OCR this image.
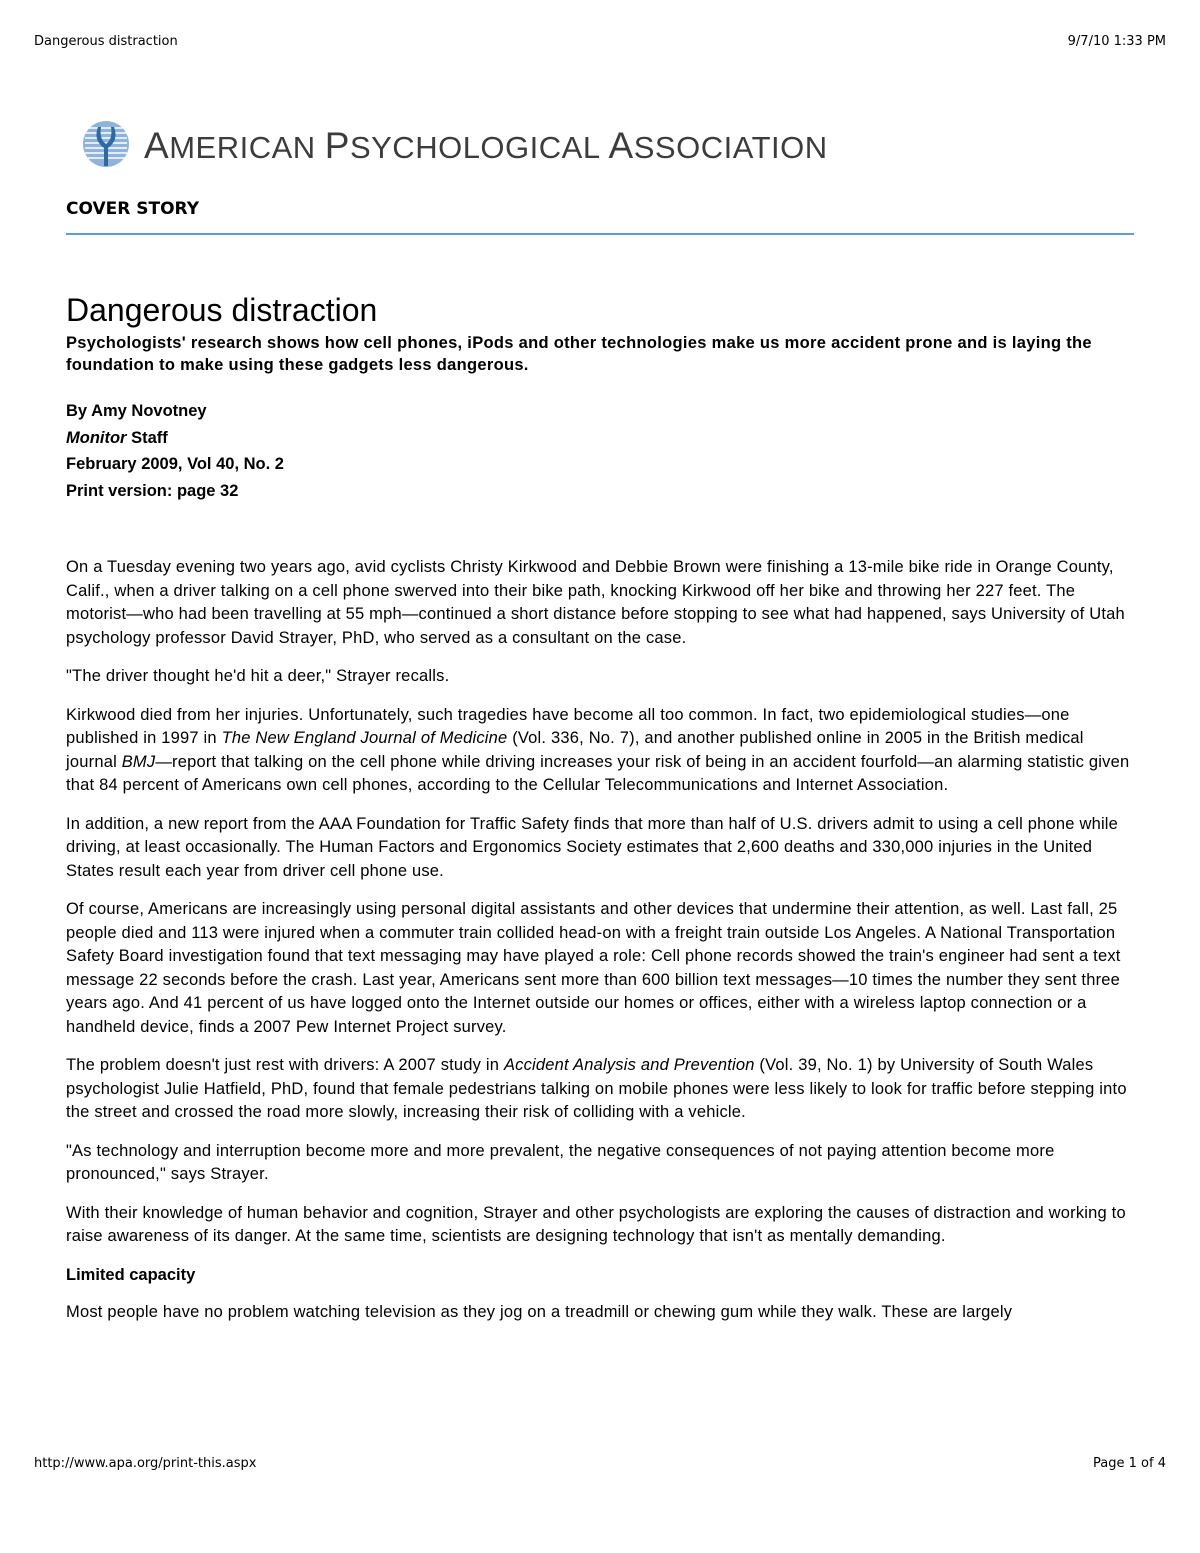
Dangerous distraction	9/7/10 1:33 PM
AMERICAN PSYCHOLOGICAL ASSOCIATION
COVER STORY
Dangerous distraction

Psychologists' research shows how cell phones, iPods and other technologies make us more accident prone and is laying the foundation to make using these gadgets less dangerous.

By Amy Novotney
Monitor Staff
February 2009, Vol 40, No. 2
Print version: page 32

On a Tuesday evening two years ago, avid cyclists Christy Kirkwood and Debbie Brown were finishing a 13-mile bike ride in Orange County, Calif., when a driver talking on a cell phone swerved into their bike path, knocking Kirkwood off her bike and throwing her 227 feet. The motorist—who had been travelling at 55 mph—continued a short distance before stopping to see what had happened, says University of Utah psychology professor David Strayer, PhD, who served as a consultant on the case.

"The driver thought he'd hit a deer," Strayer recalls.

Kirkwood died from her injuries. Unfortunately, such tragedies have become all too common. In fact, two epidemiological studies—one published in 1997 in The New England Journal of Medicine (Vol. 336, No. 7), and another published online in 2005 in the British medical journal BMJ—report that talking on the cell phone while driving increases your risk of being in an accident fourfold—an alarming statistic given that 84 percent of Americans own cell phones, according to the Cellular Telecommunications and Internet Association.

In addition, a new report from the AAA Foundation for Traffic Safety finds that more than half of U.S. drivers admit to using a cell phone while driving, at least occasionally. The Human Factors and Ergonomics Society estimates that 2,600 deaths and 330,000 injuries in the United States result each year from driver cell phone use.

Of course, Americans are increasingly using personal digital assistants and other devices that undermine their attention, as well. Last fall, 25 people died and 113 were injured when a commuter train collided head-on with a freight train outside Los Angeles. A National Transportation Safety Board investigation found that text messaging may have played a role: Cell phone records showed the train's engineer had sent a text message 22 seconds before the crash. Last year, Americans sent more than 600 billion text messages—10 times the number they sent three years ago. And 41 percent of us have logged onto the Internet outside our homes or offices, either with a wireless laptop connection or a handheld device, finds a 2007 Pew Internet Project survey.

The problem doesn't just rest with drivers: A 2007 study in Accident Analysis and Prevention (Vol. 39, No. 1) by University of South Wales psychologist Julie Hatfield, PhD, found that female pedestrians talking on mobile phones were less likely to look for traffic before stepping into the street and crossed the road more slowly, increasing their risk of colliding with a vehicle.

"As technology and interruption become more and more prevalent, the negative consequences of not paying attention become more pronounced," says Strayer.

With their knowledge of human behavior and cognition, Strayer and other psychologists are exploring the causes of distraction and working to raise awareness of its danger. At the same time, scientists are designing technology that isn't as mentally demanding.

Limited capacity

Most people have no problem watching television as they jog on a treadmill or chewing gum while they walk. These are largely

http://www.apa.org/print-this.aspx	Page 1 of 4
